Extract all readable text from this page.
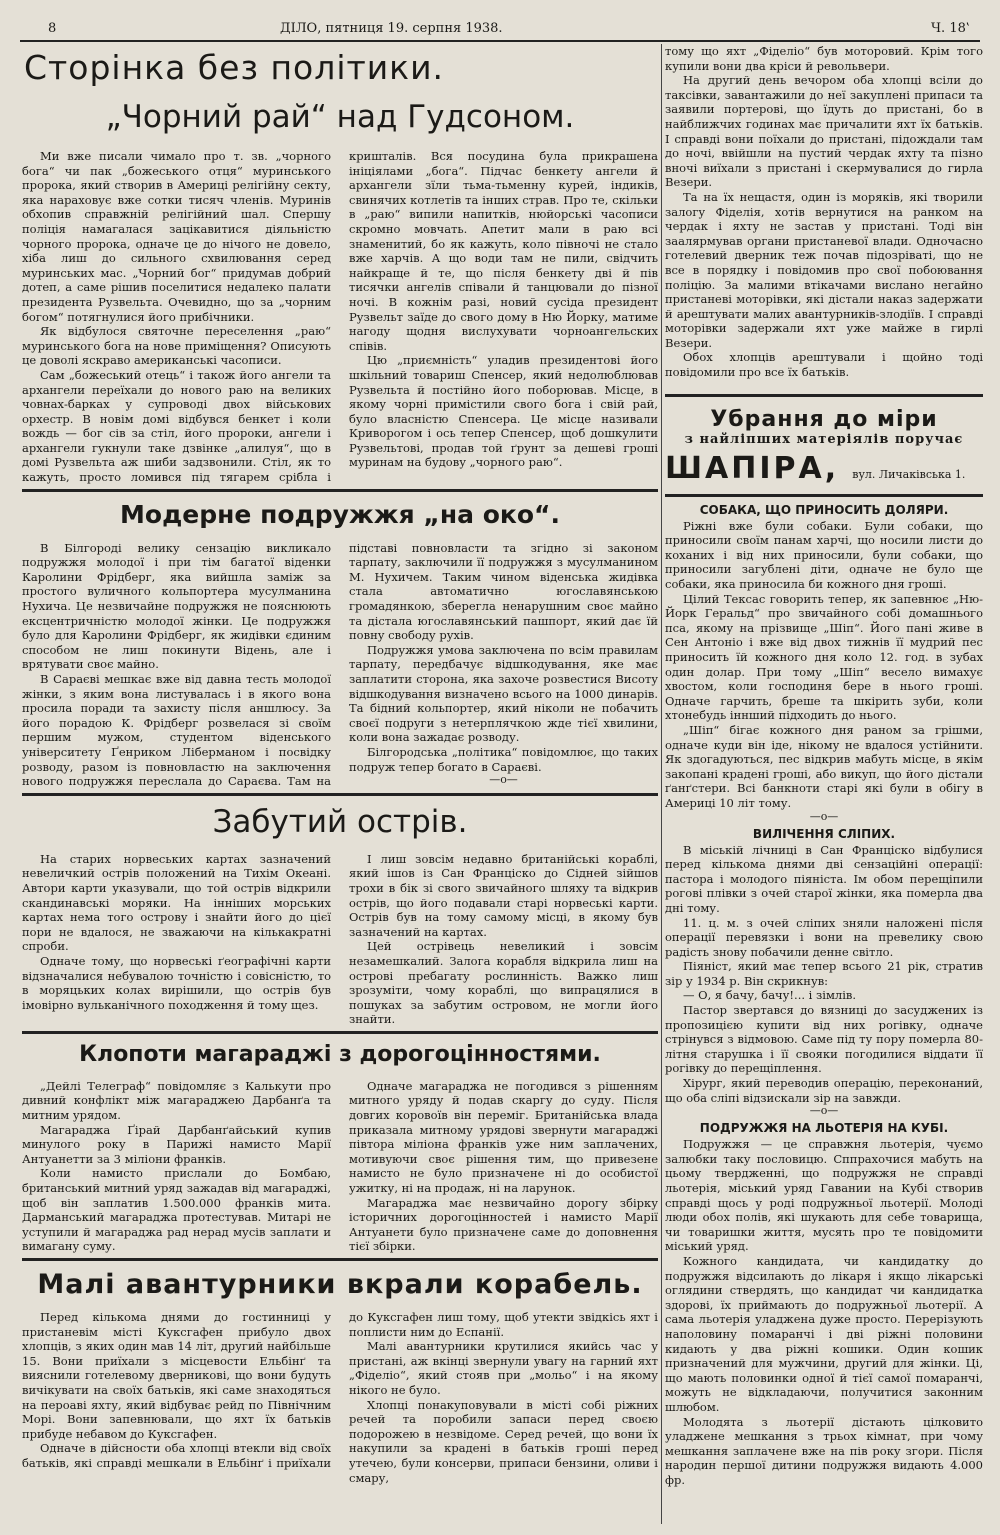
8	ДІЛО, пятниця 19. серпня 1938.	Ч. 18‛
Сторінка без політики.
„Чорний рай“ над Гудсоном.

Ми вже писали чимало про т. зв. „чорного бога“ чи пак „божеського отця“ муринського пророка, який створив в Америці релігійну секту, яка нараховує вже сотки тисяч членів. Муринів обхопив справжній релігійний шал. Спершу поліція намагалася зацікавитися діяльністю чорного пророка, одначе це до нічого не довело, хіба лиш до сильного схвилювання серед муринських мас. „Чорний бог“ придумав добрий дотеп, а саме рішив поселитися недалеко палати президента Рузвельта. Очевидно, що за „чорним богом“ потягнулися його прибічники.

Як відбулося святочне переселення „раю“ муринського бога на нове приміщення? Описують це доволі яскраво американські часописи.

Сам „божеський отець“ і також його ангели та архангели переїхали до нового раю на великих човнах-барках у супроводі двох військових орхестр. В новім домі відбувся бенкет і коли вождь — бог сів за стіл, його пророки, ангели і архангели гукнули таке дзвінке „алилуя“, що в домі Рузвельта аж шиби задзвонили. Стіл, як то кажуть, просто ломився під тягарем срібла і кришталів. Вся посудина була прикрашена ініціялами „бога“. Підчас бенкету ангели й архангели зїли тьма-тьменну курей, індиків, свинячих котлетів та інших страв. Про те, скільки в „раю“ випили напитків, нюйорські часописи скромно мовчать. Апетит мали в раю всі знаменитий, бо як кажуть, коло півночі не стало вже харчів. А що води там не пили, свідчить найкраще й те, що після бенкету дві й пів тисячки ангелів співали й танцювали до пізної ночі. В кожнім разі, новий сусіда президент Рузвельт заїде до свого дому в Ню Йорку, матиме нагоду щодня вислухувати чорноангельских співів.

Цю „приємність“ уладив президентові його шкільний товариш Спенсер, який недолюблював Рузвельта й постійно його поборював. Місце, в якому чорні примістили свого бога і свій рай, було власністю Спенсера. Це місце називали Криворогом і ось тепер Спенсер, щоб дошкулити Рузвельтові, продав той ґрунт за дешеві гроші муринам на будову „чорного раю“.

Модерне подружжя „на око“.

В Білгороді велику сензацію викликало подружжя молодої і при тім багатої віденки Каролини Фрідберг, яка вийшла заміж за простого вуличного кольпортера мусулманина Нухича. Це незвичайне подружжя не пояснюють ексцентричністю молодої жінки. Це подружжя було для Каролини Фрідберг, як жидівки єдиним способом не лиш покинути Відень, але і врятувати своє майно.

В Сараєві мешкає вже від давна тесть молодої жінки, з яким вона листувалась і в якого вона просила поради та захисту після аншлюсу. За його порадою К. Фрідберг розвелася зі своїм першим мужом, студентом віденського університету Ґенриком Ліберманом і посвідку розводу, разом із повновластю на заключення нового подружжя переслала до Сараєва. Там на підставі повновласти та згідно зі законом тарпату, заключили її подружжя з мусулманином М. Нухичем. Таким чином віденська жидівка стала автоматично югославянською громадянкою, зберегла ненарушним своє майно та дістала югославянський пашпорт, який дає їй повну свободу рухів.

Подружжя умова заключена по всім правилам тарпату, передбачує відшкодування, яке має заплатити сторона, яка захоче розвестися Висоту відшкодування визначено всього на 1000 динарів. Та бідний кольпортер, який ніколи не побачить своєї подруги з нетерплячкою жде тієї хвилини, коли вона зажадає розводу.

Білгородська „політика“ повідомлює, що таких подруж тепер богато в Сараєві.

—о—
Забутий острів.

На старих норвеських картах зазначений невеличкий острів положений на Тихім Океані. Автори карти указували, що той острів відкрили скандинавські моряки. На інніших морських картах нема того острову і знайти його до цієї пори не вдалося, не зважаючи на кількакратні спроби.

Одначе тому, що норвеські ґеографічні карти відзначалися небувалою точністю і совісністю, то в моряцьких колах вирішили, що острів був імовірно вульканічного походження й тому щез.

І лиш зовсім недавно британійські кораблі, який ішов із Сан Франціско до Сідней зійшов трохи в бік зі свого звичайного шляху та відкрив острів, що його подавали старі норвеські карти. Острів був на тому самому місці, в якому був зазначений на картах.

Цей острівець невеликий і зовсім незамешкалий. Залога корабля відкрила лиш на острові пребагату рослинність. Важко лиш зрозуміти, чому кораблі, що випрацялися в пошуках за забутим островом, не могли його знайти.

Клопоти магараджі з дорогоцінностями.

„Дейлі Телеграф“ повідомляє з Калькути про дивний конфлікт між магараджею Дарбанґа та митним урядом.

Магараджа Ґірай Дарбанґайський купив минулого року в Парижі намисто Марії Антуанетти за 3 міліони франків.

Коли намисто прислали до Бомбаю, британський митний уряд зажадав від магараджі, щоб він заплатив 1.500.000 франків мита. Дарманський магараджа протестував. Митарі не уступили й магараджа рад нерад мусів заплати и вимагану суму.

Одначе магараджа не погодився з рішенням митного уряду й подав скаргу до суду. Після довгих коровоїв він переміг. Британійська влада приказала митному урядові звернути магараджі півтора міліона франків уже ним заплачених, мотивуючи своє рішення тим, що привезене намисто не було призначене ні до особистої ужитку, ні на продаж, ні на ларунок.

Магараджа має незвичайно дорогу збірку історичних дорогоцінностей і намисто Марії Антуанети було призначене саме до доповнення тієї збірки.

Малі авантурники вкрали корабель.

Перед кількома днями до гостинниці у пристаневім місті Куксгафен прибуло двох хлопців, з яких один мав 14 літ, другий найбільше 15. Вони приїхали з місцевости Ельбінґ та вияснили готелевому дверникові, що вони будуть вичікувати на своїх батьків, які саме знаходяться на пероаві яхту, який відбуває рейд по Північним Морі. Вони запевнювали, що яхт їх батьків прибуде небавом до Куксгафен.

Одначе в дійсности оба хлопці втекли від своїх батьків, які справді мешкали в Ельбінґ і приїхали до Куксгафен лиш тому, щоб утекти звідкісь яхт і поплисти ним до Еспанії.

Малі авантурники крутилися якийсь час у пристані, аж вкінці звернули увагу на гарний яхт „Фіделіо“, який стояв при „мольо“ і на якому нікого не було.

Хлопці понакуповували в місті собі ріжних речей та поробили запаси перед своєю подорожею в незвідоме. Серед речей, що вони їх накупили за крадені в батьків гроші перед утечею, були консерви, припаси бензини, оливи і смару,

тому що яхт „Фіделіо“ був моторовий. Крім того купили вони два кріси й револьвери.

На другий день вечором оба хлопці всіли до таксівки, завантажили до неї закуплені припаси та заявили портерові, що їдуть до пристані, бо в найближчих годинах має причалити яхт їх батьків. І справді вони поїхали до пристані, підождали там до ночі, ввійшли на пустий чердак яхту та пізно вночі виїхали з пристані і скермувалися до гирла Везери.

Та на їх нещастя, один із моряків, які творили залогу Фіделія, хотів вернутися на ранком на чердак і яхту не застав у пристані. Тоді він заалярмував органи пристаневої влади. Одночасно готелевий дверник теж почав підозріваті, що не все в порядку і повідомив про свої побоювання поліцію. За малими втікачами вислано негайно пристаневі моторівки, які дістали наказ задержати й арештувати малих авантурників-злодіїв. І справді моторівки задержали яхт уже майже в гирлі Везери.

Обох хлопців арештували і щойно тоді повідомили про все їх батьків.

Убрання до міри
з найліпших матеріялів поручає
ШАПІРА, вул. Личаківська 1.
СОБАКА, ЩО ПРИНОСИТЬ ДОЛЯРИ.

Ріжні вже були собаки. Були собаки, що приносили своїм панам харчі, що носили листи до коханих і від них приносили, були собаки, що приносили загублені діти, одначе не було ще собаки, яка приносила би кожного дня гроші.

Цілий Тексас говорить тепер, як запевнює „Ню-Йорк Геральд“ про звичайного собі домашнього пса, якому на прізвище „Шіп“. Його пані живе в Сен Антоніо і вже від двох тижнів її мудрий пес приносить їй кожного дня коло 12. год. в зубах один долар. При тому „Шіп“ весело вимахує хвостом, коли господиня бере в нього гроші. Одначе гарчить, бреше та шкірить зуби, коли хтонебудь іннший підходить до нього.

„Шіп“ бігає кожного дня раном за грішми, одначе куди він іде, нікому не вдалося устійнити. Як здогадуються, пес відкрив мабуть місце, в якім закопані крадені гроші, або викуп, що його дістали ґанґстери. Всі банкноти старі які були в обігу в Америці 10 літ тому.

—о—
ВИЛІЧЕННЯ СЛІПИХ.

В міській лічниці в Сан Франціско відбулися перед кількома днями дві сензаційні операції: пастора і молодого піяніста. Ім обом перещіпили рогові плівки з очей старої жінки, яка померла два дні тому.

11. ц. м. з очей сліпих зняли наложені після операції перевязки і вони на превелику свою радість знову побачили денне світло.

Піяніст, який має тепер всього 21 рік, стратив зір у 1934 р. Він скрикнув:

— О, я бачу, бачу!... і зімлів.

Пастор звертався до вязниці до засуджених із пропозицією купити від них рогівку, одначе стрінувся з відмовою. Саме під ту пору померла 80-літня старушка і її свояки погодилися віддати її рогівку до перещіплення.

Хірург, який переводив операцію, переконаний, що оба сліпі відзискали зір на завжди.

—о—
ПОДРУЖЖЯ НА ЛЬОТЕРІЯ НА КУБІ.

Подружжя — це справжня льотерія, чуємо залюбки таку пословицю. Сппрахочися мабуть на цьому твердженні, що подружжя не справді льотерія, міський уряд Гавании на Кубі створив справді щось у роді подружньої льотерії. Молоді люди обох полів, які шукають для себе товарища, чи товаришки життя, мусять про те повідомити міський уряд.

Кожного кандидата, чи кандидатку до подружжя відсилають до лікаря і якщо лікарські оглядини ствердять, що кандидат чи кандидатка здорові, їх приймають до подружньої льотерії. А сама льотерія уладжена дуже просто. Перерізують наполовину помаранчі і дві ріжні половини кидають у два ріжні кошики. Один кошик призначений для мужчини, другий для жінки. Ці, що мають половинки одної й тієї самої помаранчі, можуть не відкладаючи, получитися законним шлюбом.

Молодята з льотерії дістають цілковито уладжене мешкання з трьох кімнат, при чому мешкання заплачене вже на пів року згори. Після народин першої дитини подружжя видають 4.000 фр.
